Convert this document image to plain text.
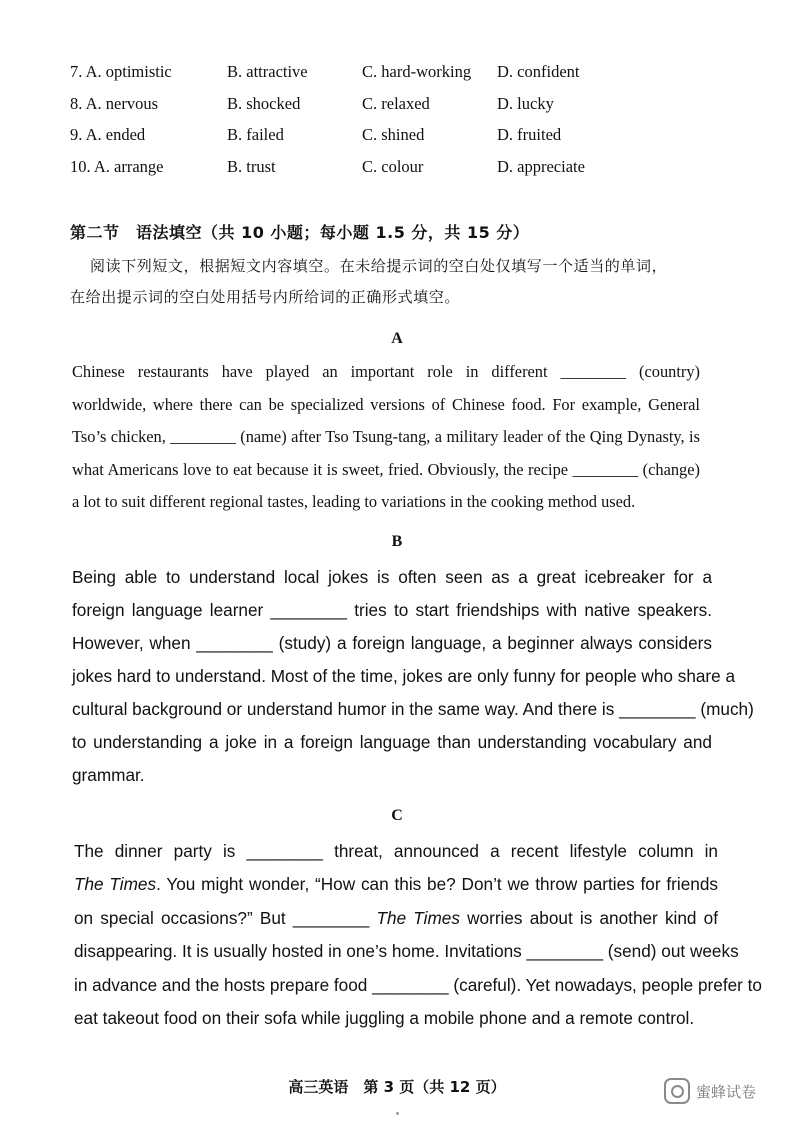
7. A. optimistic	B. attractive	C. hard-working D. confident
8. A. nervous	B. shocked	C. relaxed	D. lucky
9. A. ended	B. failed	C. shined	D. fruited
10. A. arrange	B. trust	C. colour	D. appreciate
第二节　语法填空（共 10 小题；每小题 1.5 分，共 15 分）
阅读下列短文，根据短文内容填空。在未给提示词的空白处仅填写一个适当的单词，
在给出提示词的空白处用括号内所给词的正确形式填空。
A
Chinese restaurants have played an important role in different ________ (country)
worldwide, where there can be specialized versions of Chinese food. For example, General
Tso’s chicken, ________ (name) after Tso Tsung-tang, a military leader of the Qing Dynasty, is
what Americans love to eat because it is sweet, fried. Obviously, the recipe ________ (change)
a lot to suit different regional tastes, leading to variations in the cooking method used.
B
Being able to understand local jokes is often seen as a great icebreaker for a
foreign language learner ________ tries to start friendships with native speakers.
However, when ________ (study) a foreign language, a beginner always considers
jokes hard to understand. Most of the time, jokes are only funny for people who share a
cultural background or understand humor in the same way. And there is ________ (much)
to understanding a joke in a foreign language than understanding vocabulary and
grammar.
C
The dinner party is ________ threat, announced a recent lifestyle column in
The Times. You might wonder, “How can this be? Don’t we throw parties for friends
on special occasions?” But ________ The Times worries about is another kind of
disappearing. It is usually hosted in one’s home. Invitations ________ (send) out weeks
in advance and the hosts prepare food ________ (careful). Yet nowadays, people prefer to
eat takeout food on their sofa while juggling a mobile phone and a remote control.
高三英语　第 3 页（共 12 页）	蜜蜂试卷
